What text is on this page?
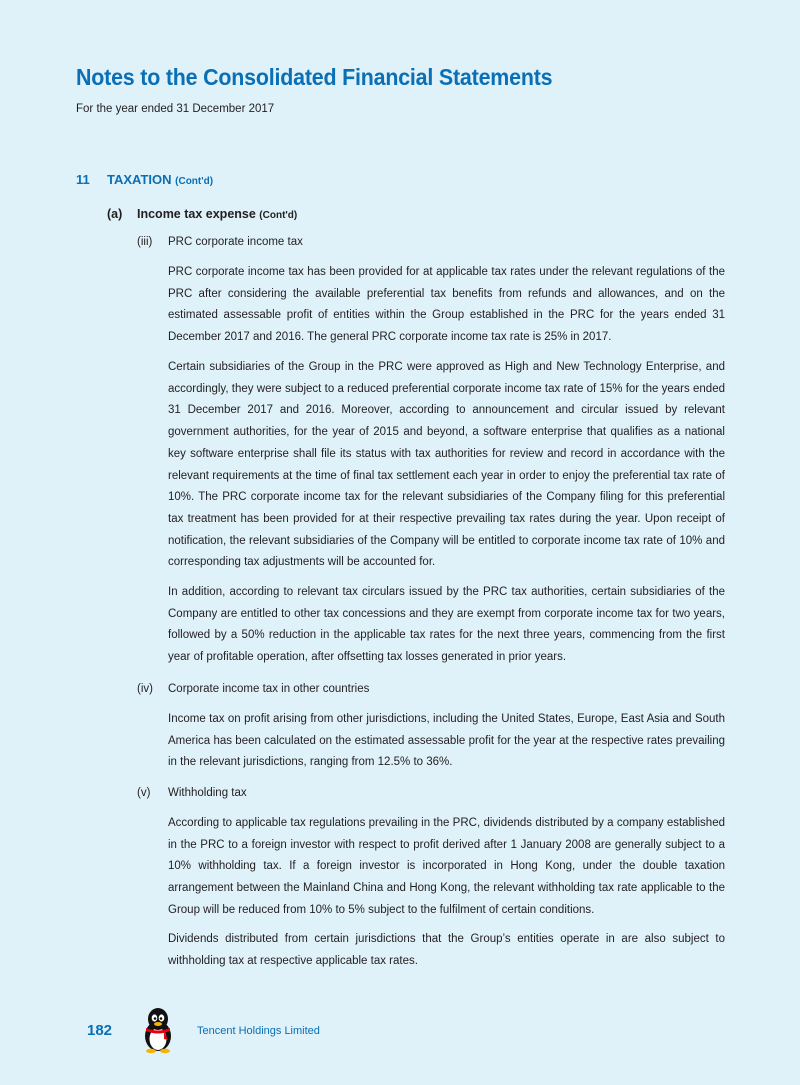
Notes to the Consolidated Financial Statements
For the year ended 31 December 2017
11 TAXATION (Cont'd)
(a) Income tax expense (Cont'd)
(iii) PRC corporate income tax

PRC corporate income tax has been provided for at applicable tax rates under the relevant regulations of the PRC after considering the available preferential tax benefits from refunds and allowances, and on the estimated assessable profit of entities within the Group established in the PRC for the years ended 31 December 2017 and 2016. The general PRC corporate income tax rate is 25% in 2017.

Certain subsidiaries of the Group in the PRC were approved as High and New Technology Enterprise, and accordingly, they were subject to a reduced preferential corporate income tax rate of 15% for the years ended 31 December 2017 and 2016. Moreover, according to announcement and circular issued by relevant government authorities, for the year of 2015 and beyond, a software enterprise that qualifies as a national key software enterprise shall file its status with tax authorities for review and record in accordance with the relevant requirements at the time of final tax settlement each year in order to enjoy the preferential tax rate of 10%. The PRC corporate income tax for the relevant subsidiaries of the Company filing for this preferential tax treatment has been provided for at their respective prevailing tax rates during the year. Upon receipt of notification, the relevant subsidiaries of the Company will be entitled to corporate income tax rate of 10% and corresponding tax adjustments will be accounted for.

In addition, according to relevant tax circulars issued by the PRC tax authorities, certain subsidiaries of the Company are entitled to other tax concessions and they are exempt from corporate income tax for two years, followed by a 50% reduction in the applicable tax rates for the next three years, commencing from the first year of profitable operation, after offsetting tax losses generated in prior years.

(iv) Corporate income tax in other countries

Income tax on profit arising from other jurisdictions, including the United States, Europe, East Asia and South America has been calculated on the estimated assessable profit for the year at the respective rates prevailing in the relevant jurisdictions, ranging from 12.5% to 36%.

(v) Withholding tax

According to applicable tax regulations prevailing in the PRC, dividends distributed by a company established in the PRC to a foreign investor with respect to profit derived after 1 January 2008 are generally subject to a 10% withholding tax. If a foreign investor is incorporated in Hong Kong, under the double taxation arrangement between the Mainland China and Hong Kong, the relevant withholding tax rate applicable to the Group will be reduced from 10% to 5% subject to the fulfilment of certain conditions.

Dividends distributed from certain jurisdictions that the Group’s entities operate in are also subject to withholding tax at respective applicable tax rates.

182	Tencent Holdings Limited
